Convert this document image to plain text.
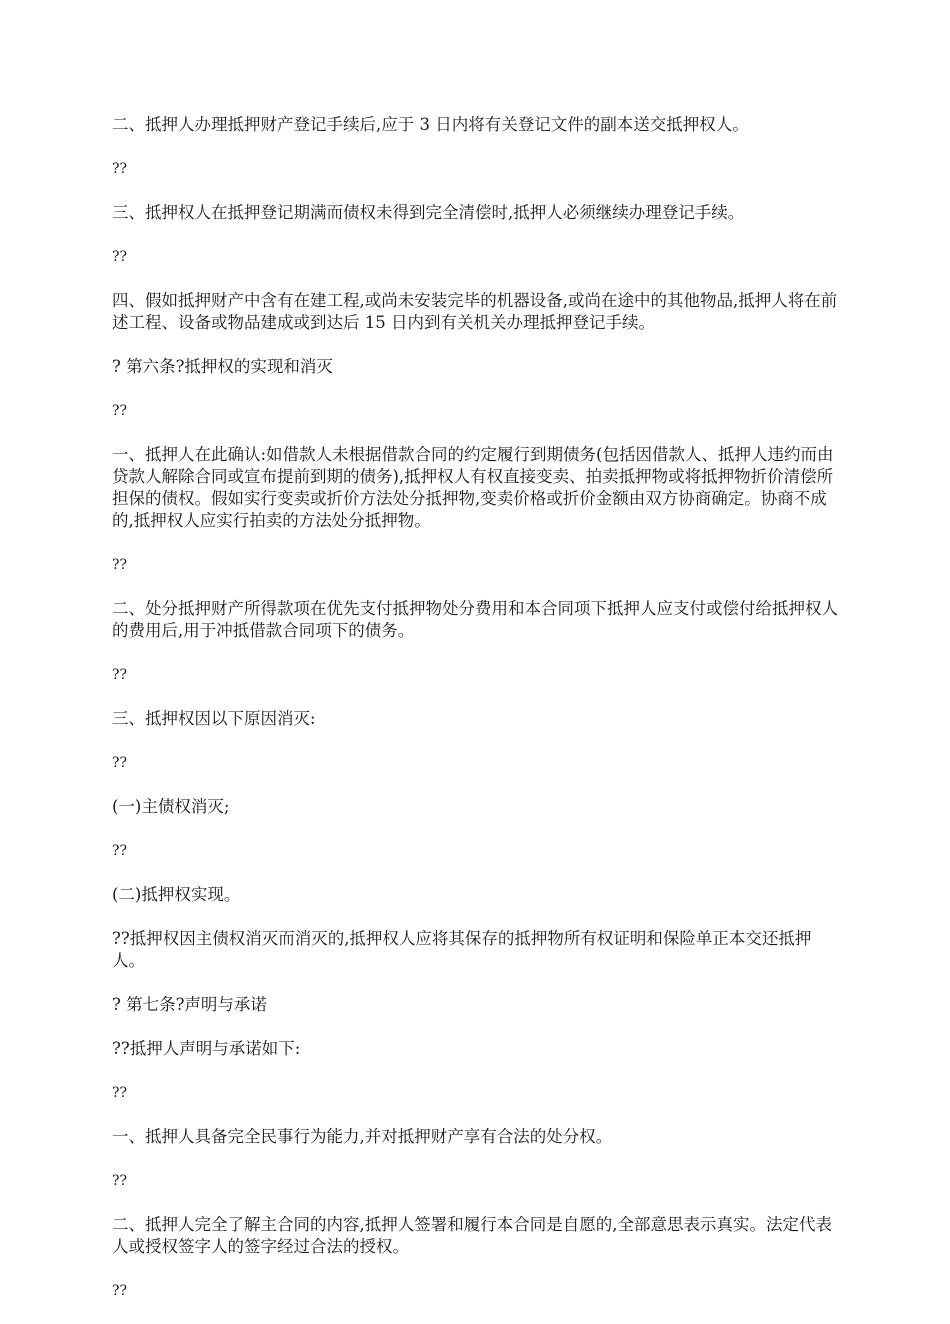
二、抵押人办理抵押财产登记手续后,应于 3 日内将有关登记文件的副本送交抵押权人。

??

三、抵押权人在抵押登记期满而债权未得到完全清偿时,抵押人必须继续办理登记手续。

??

四、假如抵押财产中含有在建工程,或尚未安装完毕的机器设备,或尚在途中的其他物品,抵押人将在前述工程、设备或物品建成或到达后 15 日内到有关机关办理抵押登记手续。

? 第六条?抵押权的实现和消灭

??

一、抵押人在此确认:如借款人未根据借款合同的约定履行到期债务(包括因借款人、抵押人违约而由贷款人解除合同或宣布提前到期的债务),抵押权人有权直接变卖、拍卖抵押物或将抵押物折价清偿所担保的债权。假如实行变卖或折价方法处分抵押物,变卖价格或折价金额由双方协商确定。协商不成的,抵押权人应实行拍卖的方法处分抵押物。

??

二、处分抵押财产所得款项在优先支付抵押物处分费用和本合同项下抵押人应支付或偿付给抵押权人的费用后,用于冲抵借款合同项下的债务。

??

三、抵押权因以下原因消灭:

??

(一)主债权消灭;

??

(二)抵押权实现。

??抵押权因主债权消灭而消灭的,抵押权人应将其保存的抵押物所有权证明和保险单正本交还抵押人。

? 第七条?声明与承诺

??抵押人声明与承诺如下:

??

一、抵押人具备完全民事行为能力,并对抵押财产享有合法的处分权。

??

二、抵押人完全了解主合同的内容,抵押人签署和履行本合同是自愿的,全部意思表示真实。法定代表人或授权签字人的签字经过合法的授权。

??
